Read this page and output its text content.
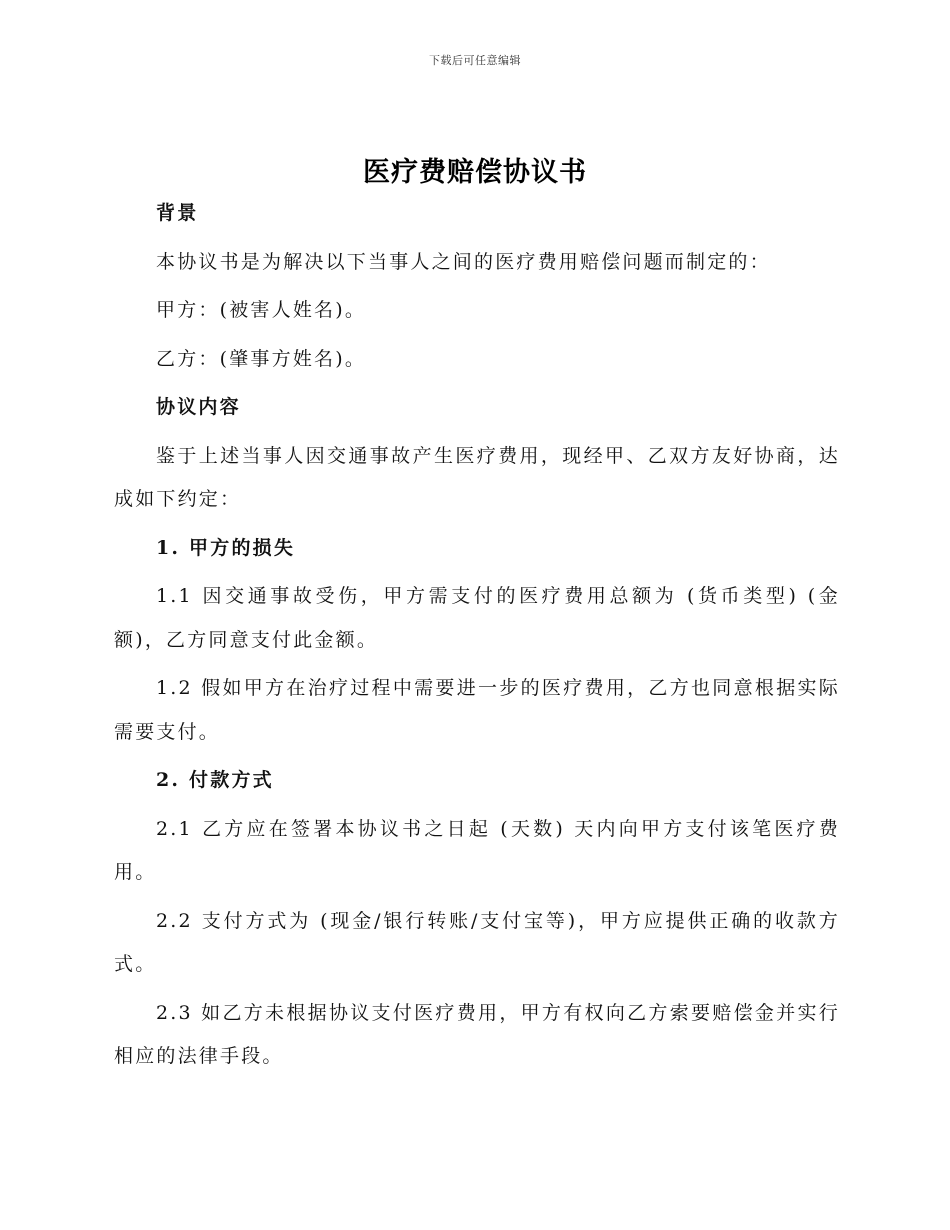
下载后可任意编辑
医疗费赔偿协议书
背景
本协议书是为解决以下当事人之间的医疗费用赔偿问题而制定的：
甲方：(被害人姓名)。
乙方：(肇事方姓名)。
协议内容
鉴于上述当事人因交通事故产生医疗费用，现经甲、乙双方友好协商，达成如下约定：
1. 甲方的损失
1.1 因交通事故受伤，甲方需支付的医疗费用总额为 (货币类型) (金额)，乙方同意支付此金额。
1.2 假如甲方在治疗过程中需要进一步的医疗费用，乙方也同意根据实际需要支付。
2. 付款方式
2.1 乙方应在签署本协议书之日起 (天数) 天内向甲方支付该笔医疗费用。
2.2 支付方式为 (现金/银行转账/支付宝等)，甲方应提供正确的收款方式。
2.3 如乙方未根据协议支付医疗费用，甲方有权向乙方索要赔偿金并实行相应的法律手段。
